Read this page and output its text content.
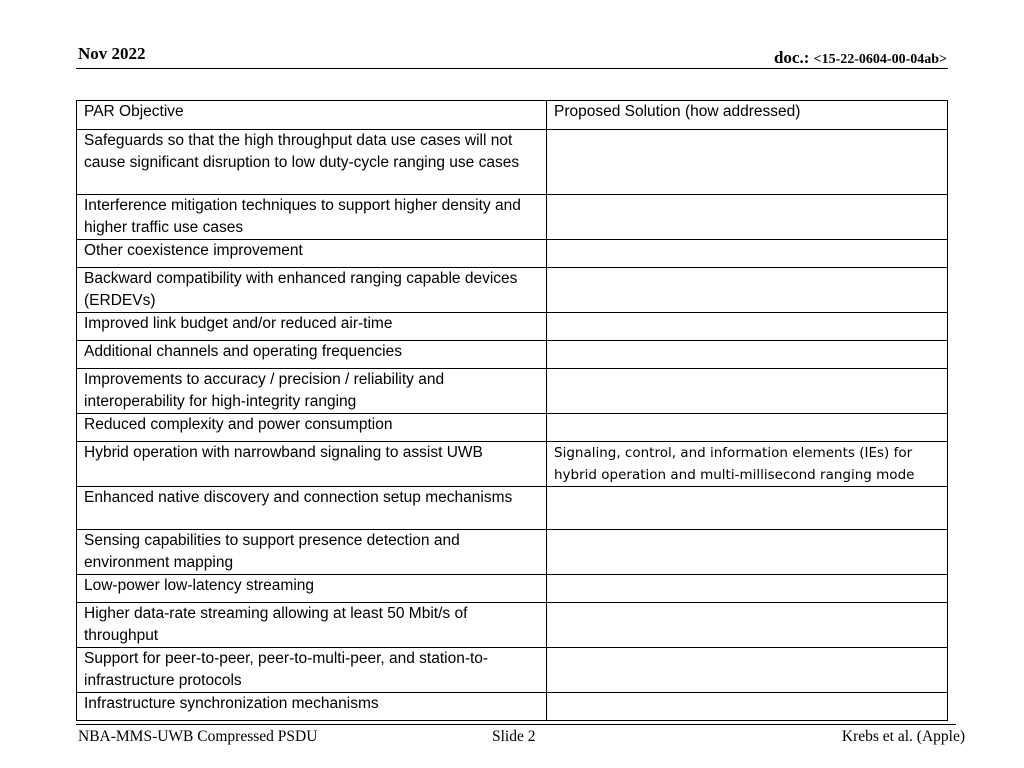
Nov 2022	doc.: <15-22-0604-00-04ab>
PAR Objective	Proposed Solution (how addressed)
Safeguards so that the high throughput data use cases will not cause significant disruption to low duty-cycle ranging use cases	
Interference mitigation techniques to support higher density and higher traffic use cases	
Other coexistence improvement	
Backward compatibility with enhanced ranging capable devices (ERDEVs)	
Improved link budget and/or reduced air-time	
Additional channels and operating frequencies	
Improvements to accuracy / precision / reliability and interoperability for high-integrity ranging	
Reduced complexity and power consumption	
Hybrid operation with narrowband signaling to assist UWB	Signaling, control, and information elements (IEs) for hybrid operation and multi-millisecond ranging mode
Enhanced native discovery and connection setup mechanisms	
Sensing capabilities to support presence detection and environment mapping	
Low-power low-latency streaming	
Higher data-rate streaming allowing at least 50 Mbit/s of throughput	
Support for peer-to-peer, peer-to-multi-peer, and station-to-infrastructure protocols	
Infrastructure synchronization mechanisms	
NBA-MMS-UWB Compressed PSDU	Slide 2	Krebs et al. (Apple)
